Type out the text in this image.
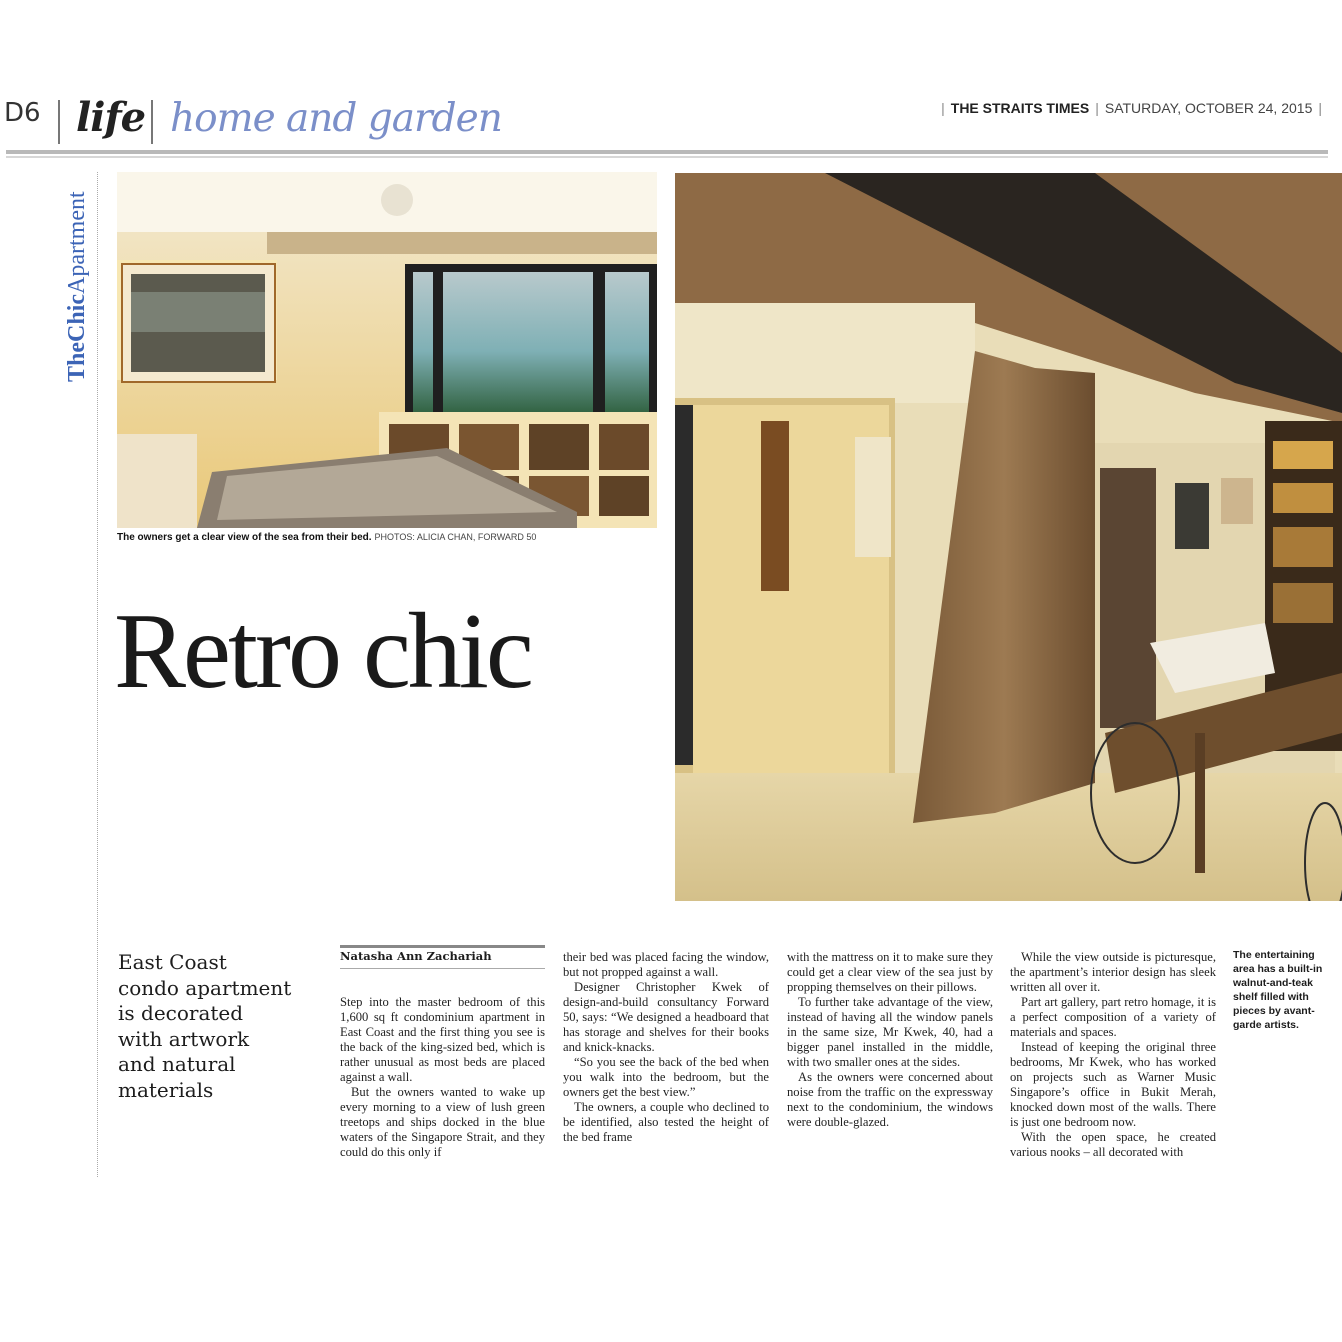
D6 life home and garden	| THE STRAITS TIMES | SATURDAY, OCTOBER 24, 2015 |
TheChicApartment
The owners get a clear view of the sea from their bed. PHOTOS: ALICIA CHAN, FORWARD 50
Retro chic
East Coast condo apartment is decorated with artwork and natural materials
Natasha Ann Zachariah

Step into the master bedroom of this 1,600 sq ft condominium apartment in East Coast and the first thing you see is the back of the king-sized bed, which is rather unusual as most beds are placed against a wall.

But the owners wanted to wake up every morning to a view of lush green treetops and ships docked in the blue waters of the Singapore Strait, and they could do this only if

their bed was placed facing the window, but not propped against a wall.

Designer Christopher Kwek of design-and-build consultancy Forward 50, says: “We designed a headboard that has storage and shelves for their books and knick-knacks.

“So you see the back of the bed when you walk into the bedroom, but the owners get the best view.”

The owners, a couple who declined to be identified, also tested the height of the bed frame

with the mattress on it to make sure they could get a clear view of the sea just by propping themselves on their pillows.

To further take advantage of the view, instead of having all the window panels in the same size, Mr Kwek, 40, had a bigger panel installed in the middle, with two smaller ones at the sides.

As the owners were concerned about noise from the traffic on the expressway next to the condominium, the windows were double-glazed.

While the view outside is picturesque, the apartment’s interior design has sleek written all over it.

Part art gallery, part retro homage, it is a perfect composition of a variety of materials and spaces.

Instead of keeping the original three bedrooms, Mr Kwek, who has worked on projects such as Warner Music Singapore’s office in Bukit Merah, knocked down most of the walls. There is just one bedroom now.

With the open space, he created various nooks – all decorated with

The entertaining area has a built-in walnut-and-teak shelf filled with pieces by avant-garde artists.
